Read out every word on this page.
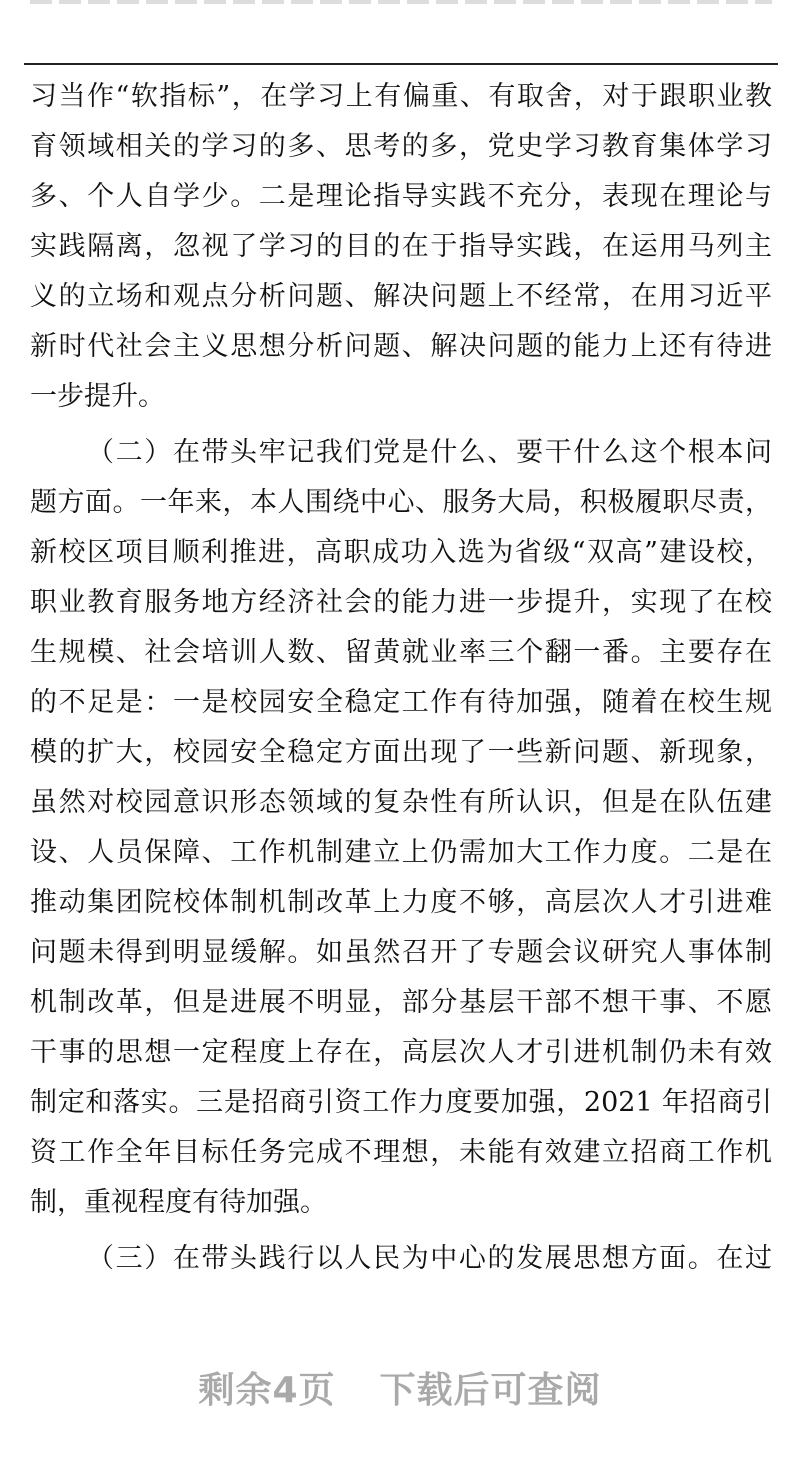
习当作“软指标”，在学习上有偏重、有取舍，对于跟职业教
育领域相关的学习的多、思考的多，党史学习教育集体学习
多、个人自学少。二是理论指导实践不充分，表现在理论与
实践隔离，忽视了学习的目的在于指导实践，在运用马列主
义的立场和观点分析问题、解决问题上不经常，在用习近平
新时代社会主义思想分析问题、解决问题的能力上还有待进
一步提升。
（二）在带头牢记我们党是什么、要干什么这个根本问
题方面。一年来，本人围绕中心、服务大局，积极履职尽责，
新校区项目顺利推进，高职成功入选为省级“双高”建设校，
职业教育服务地方经济社会的能力进一步提升，实现了在校
生规模、社会培训人数、留黄就业率三个翻一番。主要存在
的不足是：一是校园安全稳定工作有待加强，随着在校生规
模的扩大，校园安全稳定方面出现了一些新问题、新现象，
虽然对校园意识形态领域的复杂性有所认识，但是在队伍建
设、人员保障、工作机制建立上仍需加大工作力度。二是在
推动集团院校体制机制改革上力度不够，高层次人才引进难
问题未得到明显缓解。如虽然召开了专题会议研究人事体制
机制改革，但是进展不明显，部分基层干部不想干事、不愿
干事的思想一定程度上存在，高层次人才引进机制仍未有效
制定和落实。三是招商引资工作力度要加强，2021 年招商引
资工作全年目标任务完成不理想，未能有效建立招商工作机
制，重视程度有待加强。
（三）在带头践行以人民为中心的发展思想方面。在过
剩余4页 下载后可查阅
